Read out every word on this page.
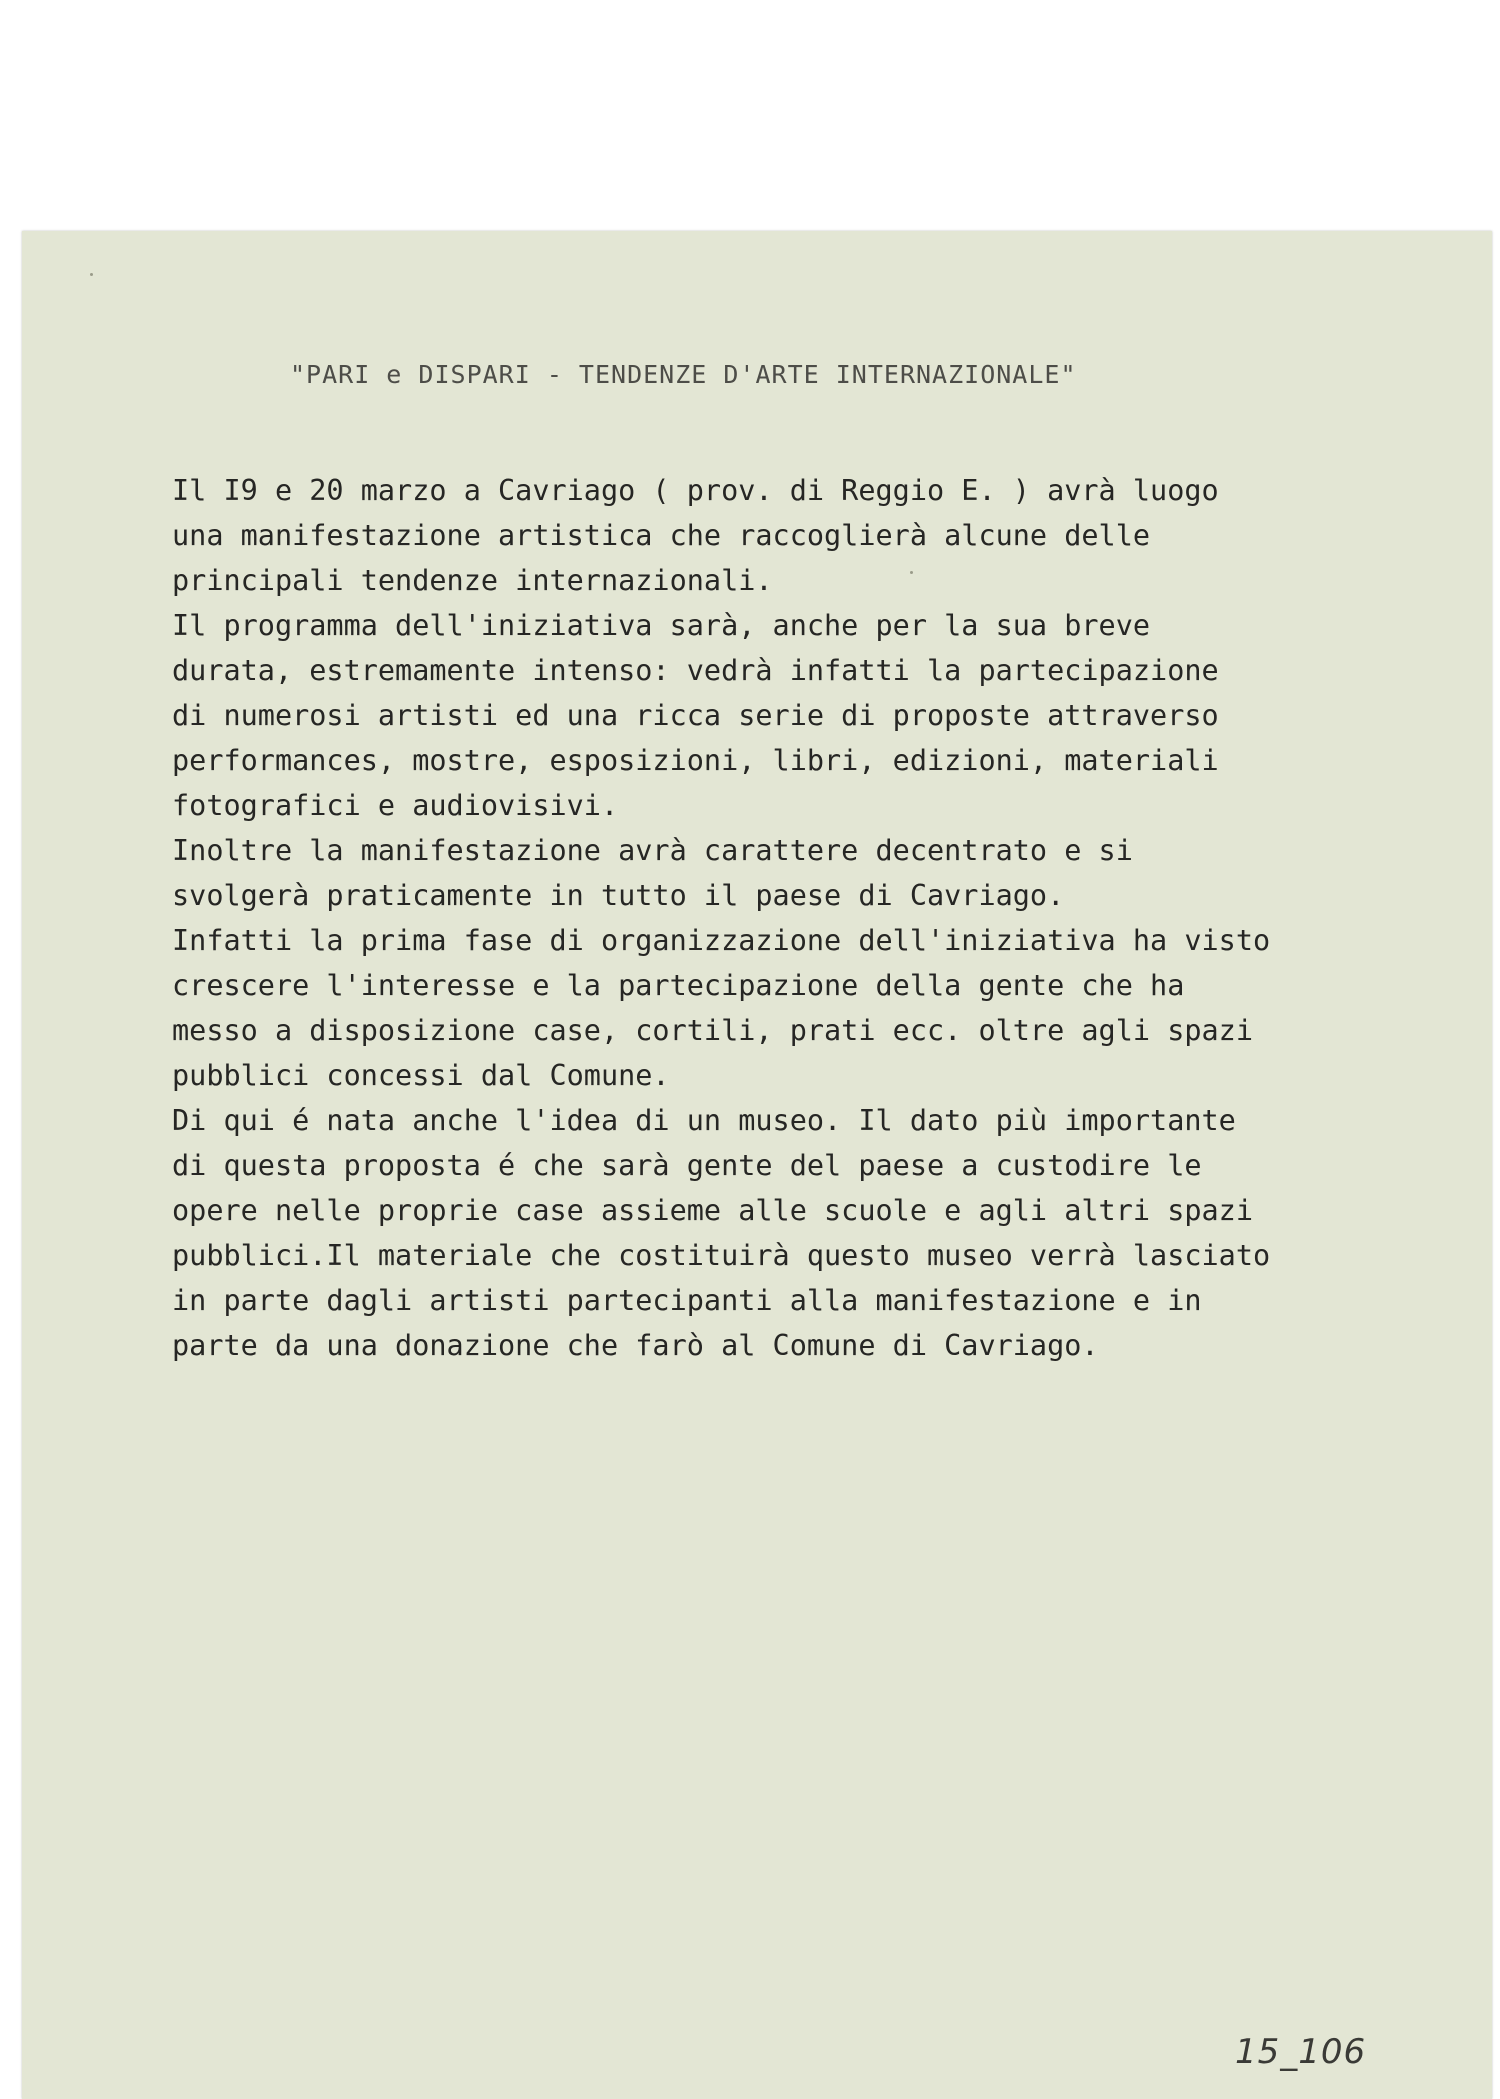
"PARI e DISPARI - TENDENZE D'ARTE INTERNAZIONALE"
Il I9 e 20 marzo a Cavriago ( prov. di Reggio E. ) avrà luogo
una manifestazione artistica che raccoglierà alcune delle
principali tendenze internazionali.
Il programma dell'iniziativa sarà, anche per la sua breve
durata, estremamente intenso: vedrà infatti la partecipazione
di numerosi artisti ed una ricca serie di proposte attraverso
performances, mostre, esposizioni, libri, edizioni, materiali
fotografici e audiovisivi.
Inoltre la manifestazione avrà carattere decentrato e si
svolgerà praticamente in tutto il paese di Cavriago.
Infatti la prima fase di organizzazione dell'iniziativa ha visto
crescere l'interesse e la partecipazione della gente che ha
messo a disposizione case, cortili, prati ecc. oltre agli spazi
pubblici concessi dal Comune.
Di qui é nata anche l'idea di un museo. Il dato più importante
di questa proposta é che sarà gente del paese a custodire le
opere nelle proprie case assieme alle scuole e agli altri spazi
pubblici.Il materiale che costituirà questo museo verrà lasciato
in parte dagli artisti partecipanti alla manifestazione e in
parte da una donazione che farò al Comune di Cavriago.
15_106
